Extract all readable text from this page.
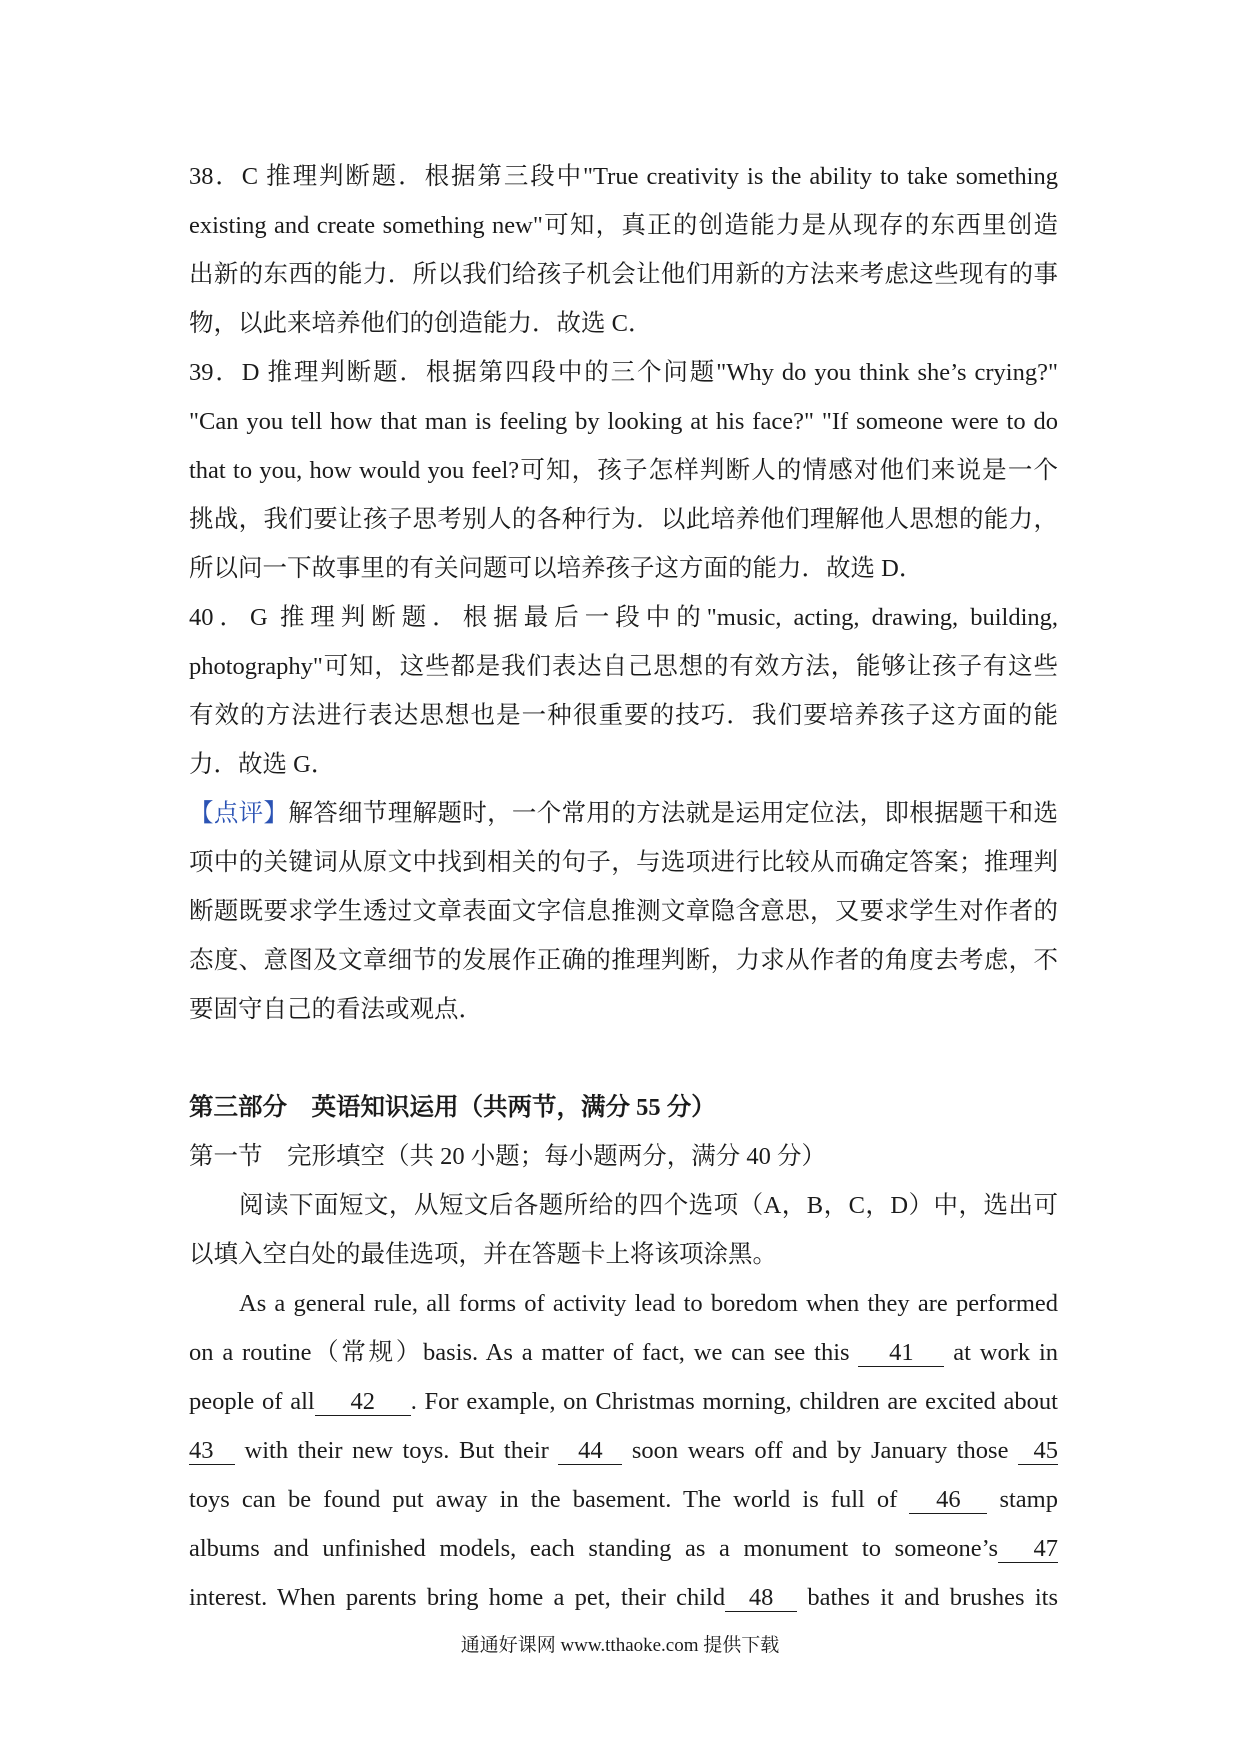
38．C 推理判断题．根据第三段中"True creativity is the ability to take something
existing and create something new"可知，真正的创造能力是从现存的东西里创造
出新的东西的能力．所以我们给孩子机会让他们用新的方法来考虑这些现有的事
物，以此来培养他们的创造能力．故选 C．
39．D 推理判断题．根据第四段中的三个问题"Why do you think she’s crying?"
"Can you tell how that man is feeling by looking at his face?" "If someone were to do
that to you, how would you feel?可知，孩子怎样判断人的情感对他们来说是一个
挑战，我们要让孩子思考别人的各种行为．以此培养他们理解他人思想的能力，
所以问一下故事里的有关问题可以培养孩子这方面的能力．故选 D．
40．G 推理判断题．根据最后一段中的"music, acting, drawing, building,
photography"可知，这些都是我们表达自己思想的有效方法，能够让孩子有这些
有效的方法进行表达思想也是一种很重要的技巧．我们要培养孩子这方面的能
力．故选 G．
【点评】解答细节理解题时，一个常用的方法就是运用定位法，即根据题干和选
项中的关键词从原文中找到相关的句子，与选项进行比较从而确定答案；推理判
断题既要求学生透过文章表面文字信息推测文章隐含意思，又要求学生对作者的
态度、意图及文章细节的发展作正确的推理判断，力求从作者的角度去考虑，不
要固守自己的看法或观点．
第三部分　英语知识运用（共两节，满分 55 分）
第一节　完形填空（共 20 小题；每小题两分，满分 40 分）
阅读下面短文，从短文后各题所给的四个选项（A，B，C，D）中，选出可
以填入空白处的最佳选项，并在答题卡上将该项涂黑。
As a general rule, all forms of activity lead to boredom when they are performed
on a routine（常规）basis. As a matter of fact, we can see this 41 at work in
people of all 42 . For example, on Christmas morning, children are excited about
43 with their new toys. But their 44 soon wears off and by January those 45
toys can be found put away in the basement. The world is full of 46 stamp
albums and unfinished models, each standing as a monument to someone’s 47
interest. When parents bring home a pet, their child 48 bathes it and brushes its
通通好课网 www.tthaoke.com 提供下载
